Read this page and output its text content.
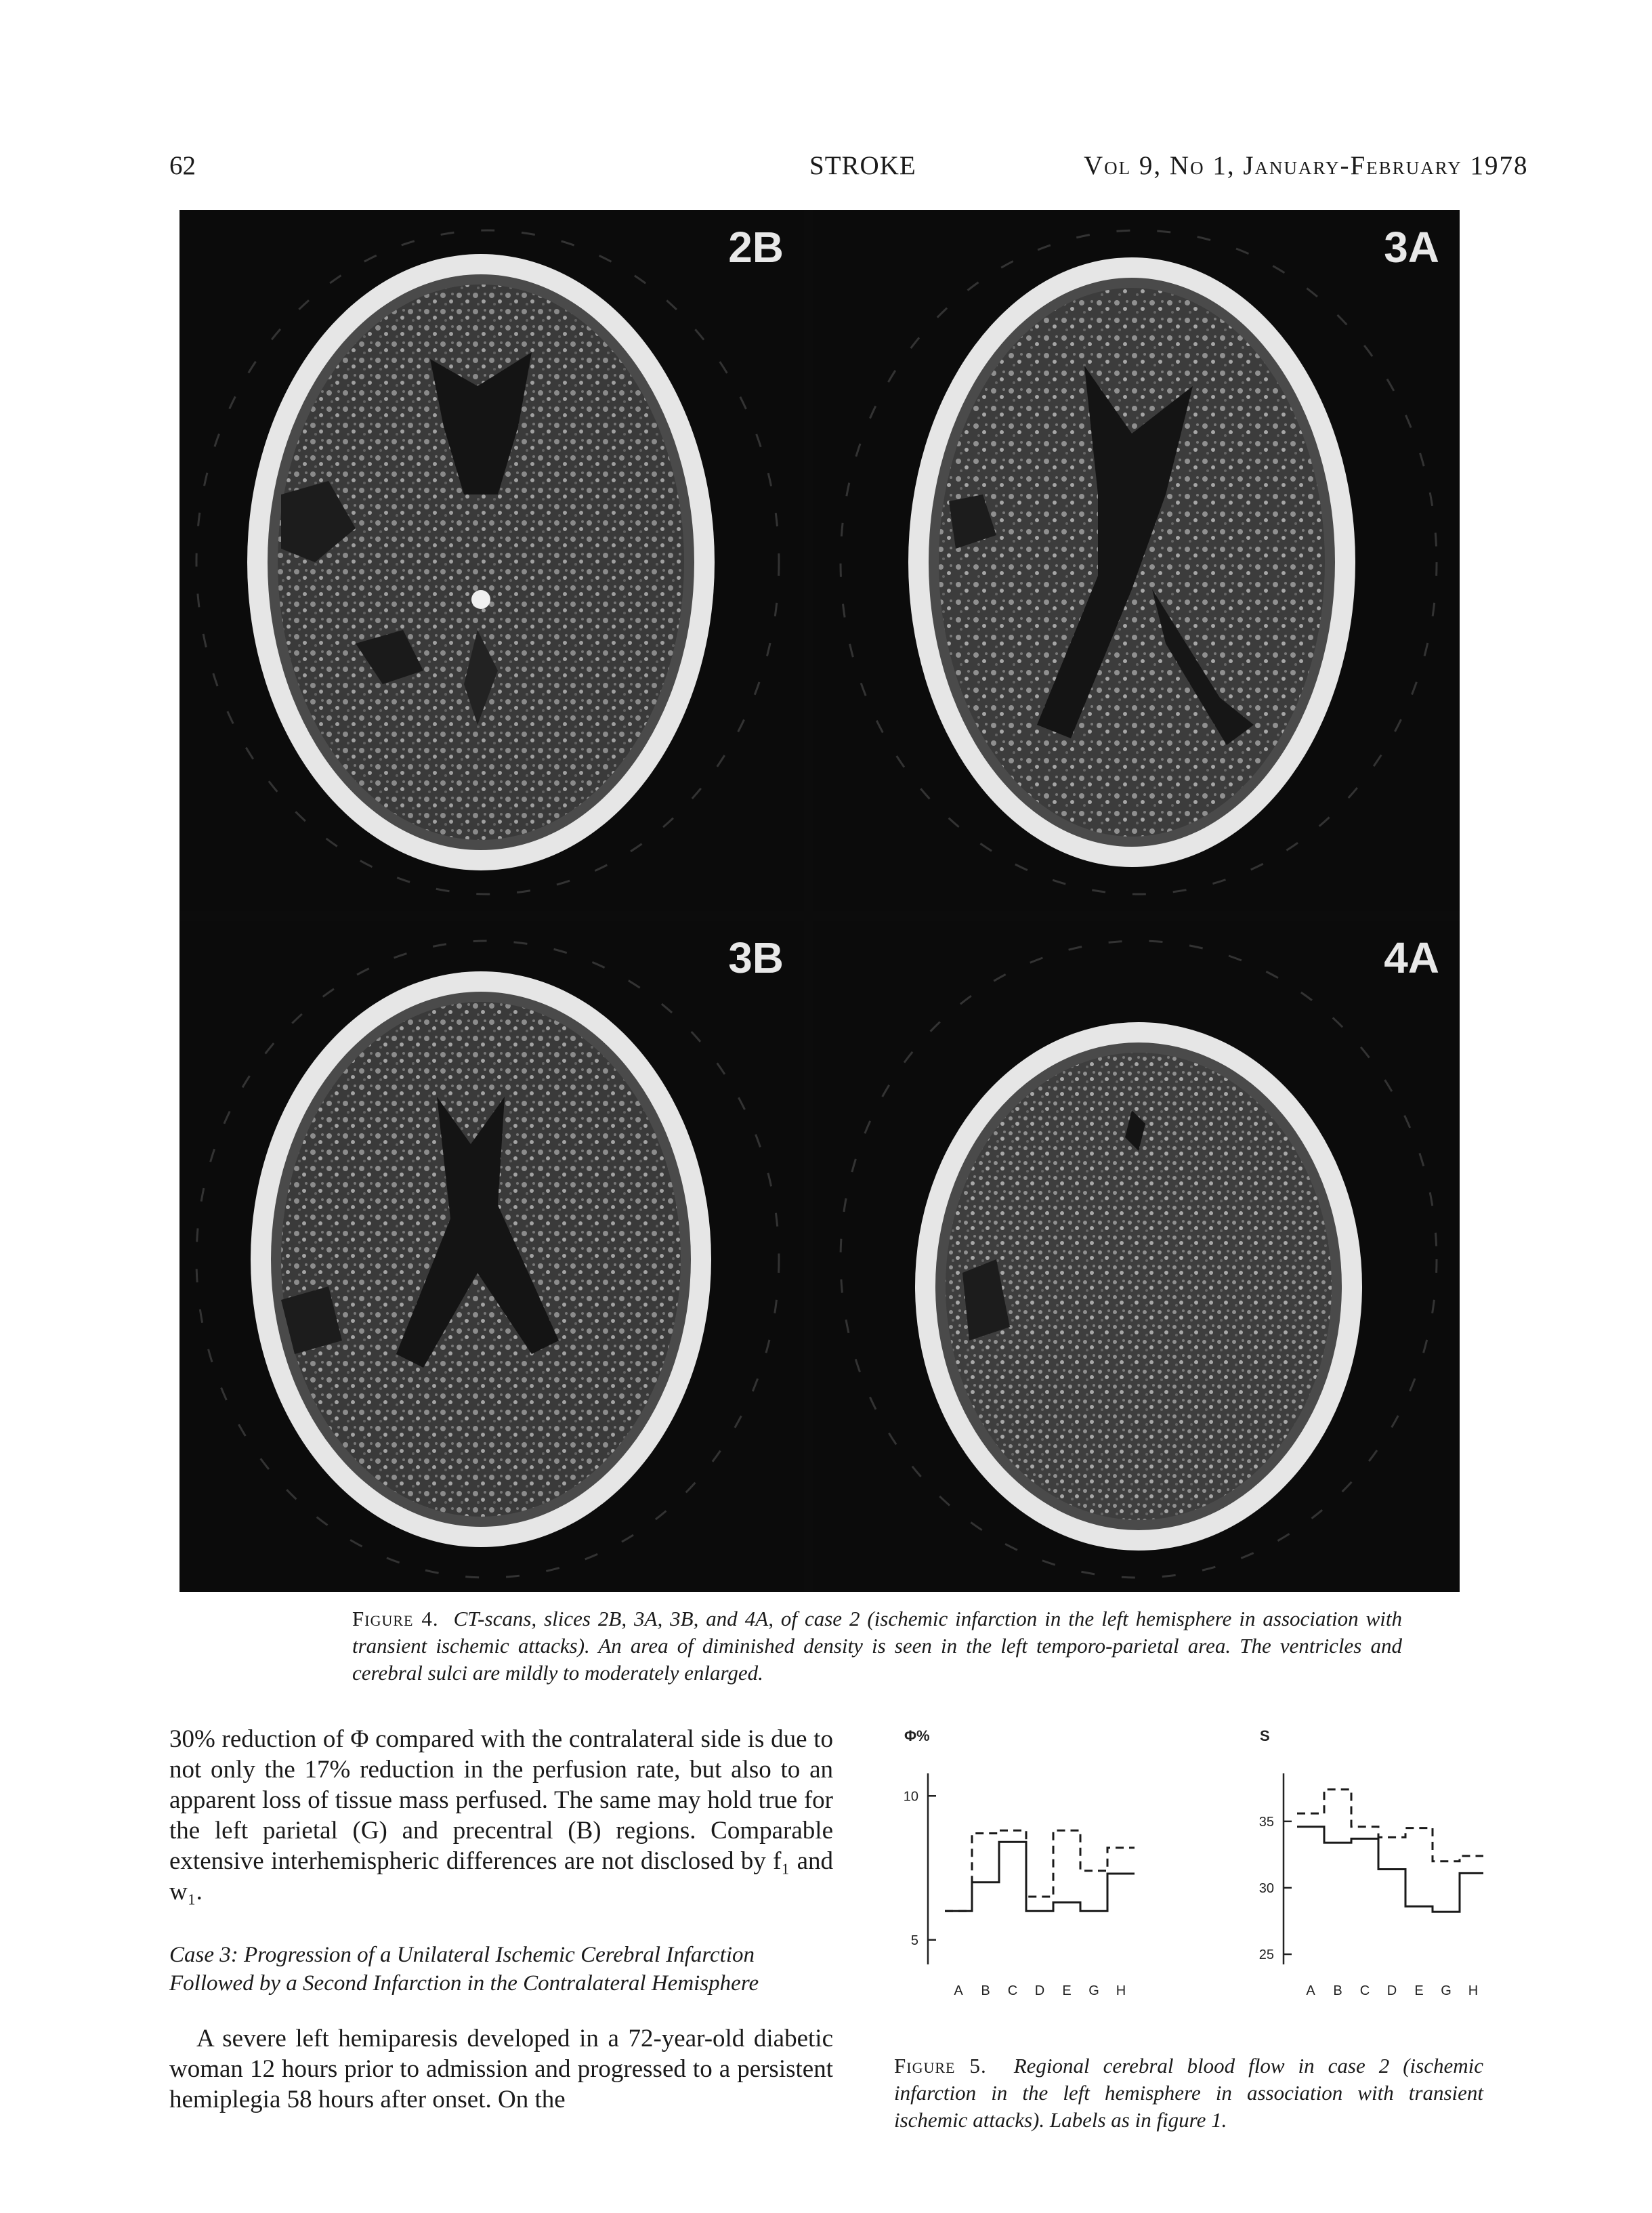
62	STROKE	Vol 9, No 1, January-February 1978
2B	3A
3B	4A
Figure 4. CT-scans, slices 2B, 3A, 3B, and 4A, of case 2 (ischemic infarction in the left hemisphere in association with transient ischemic attacks). An area of diminished density is seen in the left temporo-parietal area. The ventricles and cerebral sulci are mildly to moderately enlarged.

30% reduction of Φ compared with the contralateral side is due to not only the 17% reduction in the perfusion rate, but also to an apparent loss of tissue mass perfused. The same may hold true for the left parietal (G) and precentral (B) regions. Comparable extensive interhemispheric differences are not disclosed by f₁ and w₁.

Case 3: Progression of a Unilateral Ischemic Cerebral Infarction
Followed by a Second Infarction in the Contralateral Hemisphere

A severe left hemiparesis developed in a 72-year-old diabetic woman 12 hours prior to admission and progressed to a persistent hemiplegia 58 hours after onset. On the

Φ%
5
10
A B C D E G H
S
25
30
35
A B C D E G H
Figure 5. Regional cerebral blood flow in case 2 (ischemic infarction in the left hemisphere in association with transient ischemic attacks). Labels as in figure 1.
